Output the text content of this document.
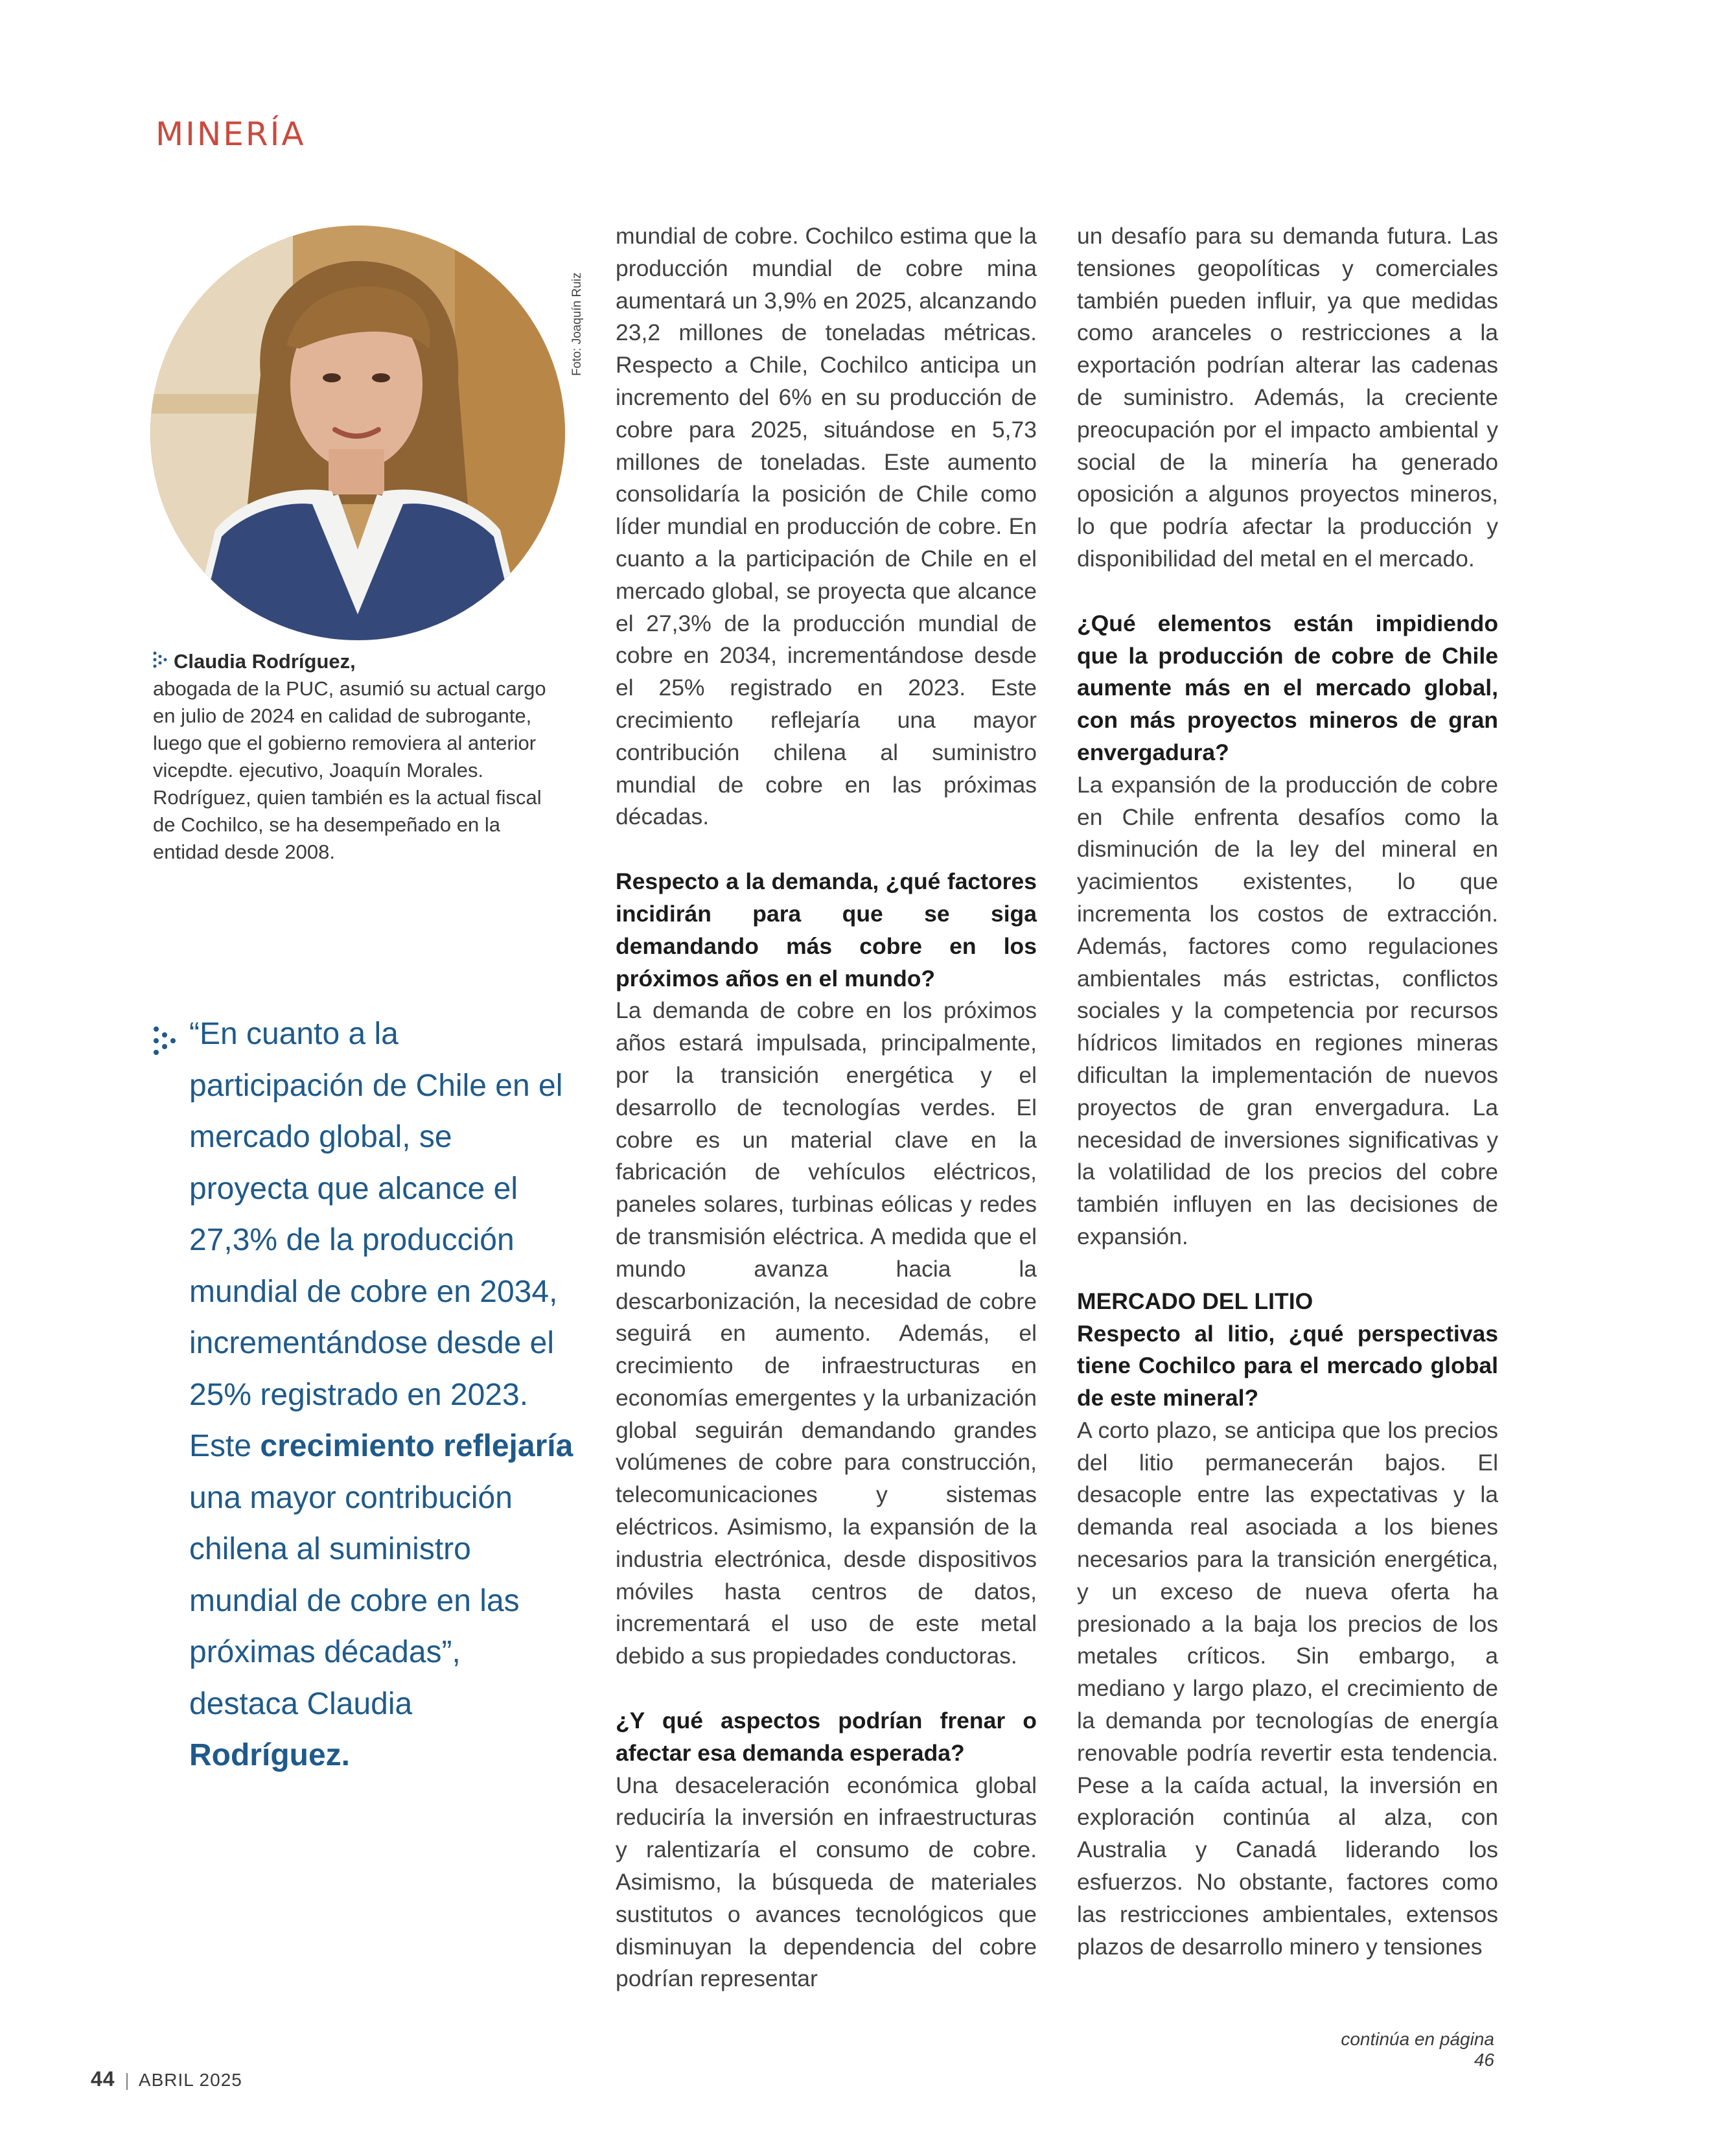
MINERÍA
Foto: Joaquín Ruiz
Claudia Rodríguez,

abogada de la PUC, asumió su actual cargo

en julio de 2024 en calidad de subrogante,

luego que el gobierno removiera al anterior

vicepdte. ejecutivo, Joaquín Morales.

Rodríguez, quien también es la actual fiscal

de Cochilco, se ha desempeñado en la

entidad desde 2008.

“En cuanto a la participación de Chile en el mercado global, se proyecta que alcance el 27,3% de la producción mundial de cobre en 2034, incrementándose desde el 25% registrado en 2023. Este crecimiento reflejaría una mayor contribución chilena al suministro mundial de cobre en las próximas décadas”, destaca Claudia Rodríguez.

mundial de cobre. Cochilco estima que la producción mundial de cobre mina aumentará un 3,9% en 2025, alcanzando 23,2 millones de toneladas métricas. Respecto a Chile, Cochilco anticipa un incremento del 6% en su producción de cobre para 2025, situándose en 5,73 millones de toneladas. Este aumento consolidaría la posición de Chile como líder mundial en producción de cobre. En cuanto a la participación de Chile en el mercado global, se proyecta que alcance el 27,3% de la producción mundial de cobre en 2034, incrementándose desde el 25% registrado en 2023. Este crecimiento reflejaría una mayor contribución chilena al suministro mundial de cobre en las próximas décadas.

Respecto a la demanda, ¿qué factores incidirán para que se siga demandando más cobre en los próximos años en el mundo?

La demanda de cobre en los próximos años estará impulsada, principalmente, por la transición energética y el desarrollo de tecnologías verdes. El cobre es un material clave en la fabricación de vehículos eléctricos, paneles solares, turbinas eólicas y redes de transmisión eléctrica. A medida que el mundo avanza hacia la descarbonización, la necesidad de cobre seguirá en aumento. Además, el crecimiento de infraestructuras en economías emergentes y la urbanización global seguirán demandando grandes volúmenes de cobre para construcción, telecomunicaciones y sistemas eléctricos. Asimismo, la expansión de la industria electrónica, desde dispositivos móviles hasta centros de datos, incrementará el uso de este metal debido a sus propiedades conductoras.

¿Y qué aspectos podrían frenar o afectar esa demanda esperada?

Una desaceleración económica global reduciría la inversión en infraestructuras y ralentizaría el consumo de cobre. Asimismo, la búsqueda de materiales sustitutos o avances tecnológicos que disminuyan la dependencia del cobre podrían representar

un desafío para su demanda futura. Las tensiones geopolíticas y comerciales también pueden influir, ya que medidas como aranceles o restricciones a la exportación podrían alterar las cadenas de suministro. Además, la creciente preocupación por el impacto ambiental y social de la minería ha generado oposición a algunos proyectos mineros, lo que podría afectar la producción y disponibilidad del metal en el mercado.

¿Qué elementos están impidiendo que la producción de cobre de Chile aumente más en el mercado global, con más proyectos mineros de gran envergadura?

La expansión de la producción de cobre en Chile enfrenta desafíos como la disminución de la ley del mineral en yacimientos existentes, lo que incrementa los costos de extracción. Además, factores como regulaciones ambientales más estrictas, conflictos sociales y la competencia por recursos hídricos limitados en regiones mineras dificultan la implementación de nuevos proyectos de gran envergadura. La necesidad de inversiones significativas y la volatilidad de los precios del cobre también influyen en las decisiones de expansión.

MERCADO DEL LITIO

Respecto al litio, ¿qué perspectivas tiene Cochilco para el mercado global de este mineral?

A corto plazo, se anticipa que los precios del litio permanecerán bajos. El desacople entre las expectativas y la demanda real asociada a los bienes necesarios para la transición energética, y un exceso de nueva oferta ha presionado a la baja los precios de los metales críticos. Sin embargo, a mediano y largo plazo, el crecimiento de la demanda por tecnologías de energía renovable podría revertir esta tendencia. Pese a la caída actual, la inversión en exploración continúa al alza, con Australia y Canadá liderando los esfuerzos. No obstante, factores como las restricciones ambientales, extensos plazos de desarrollo minero y tensiones

continúa en página 46
44 | ABRIL 2025
